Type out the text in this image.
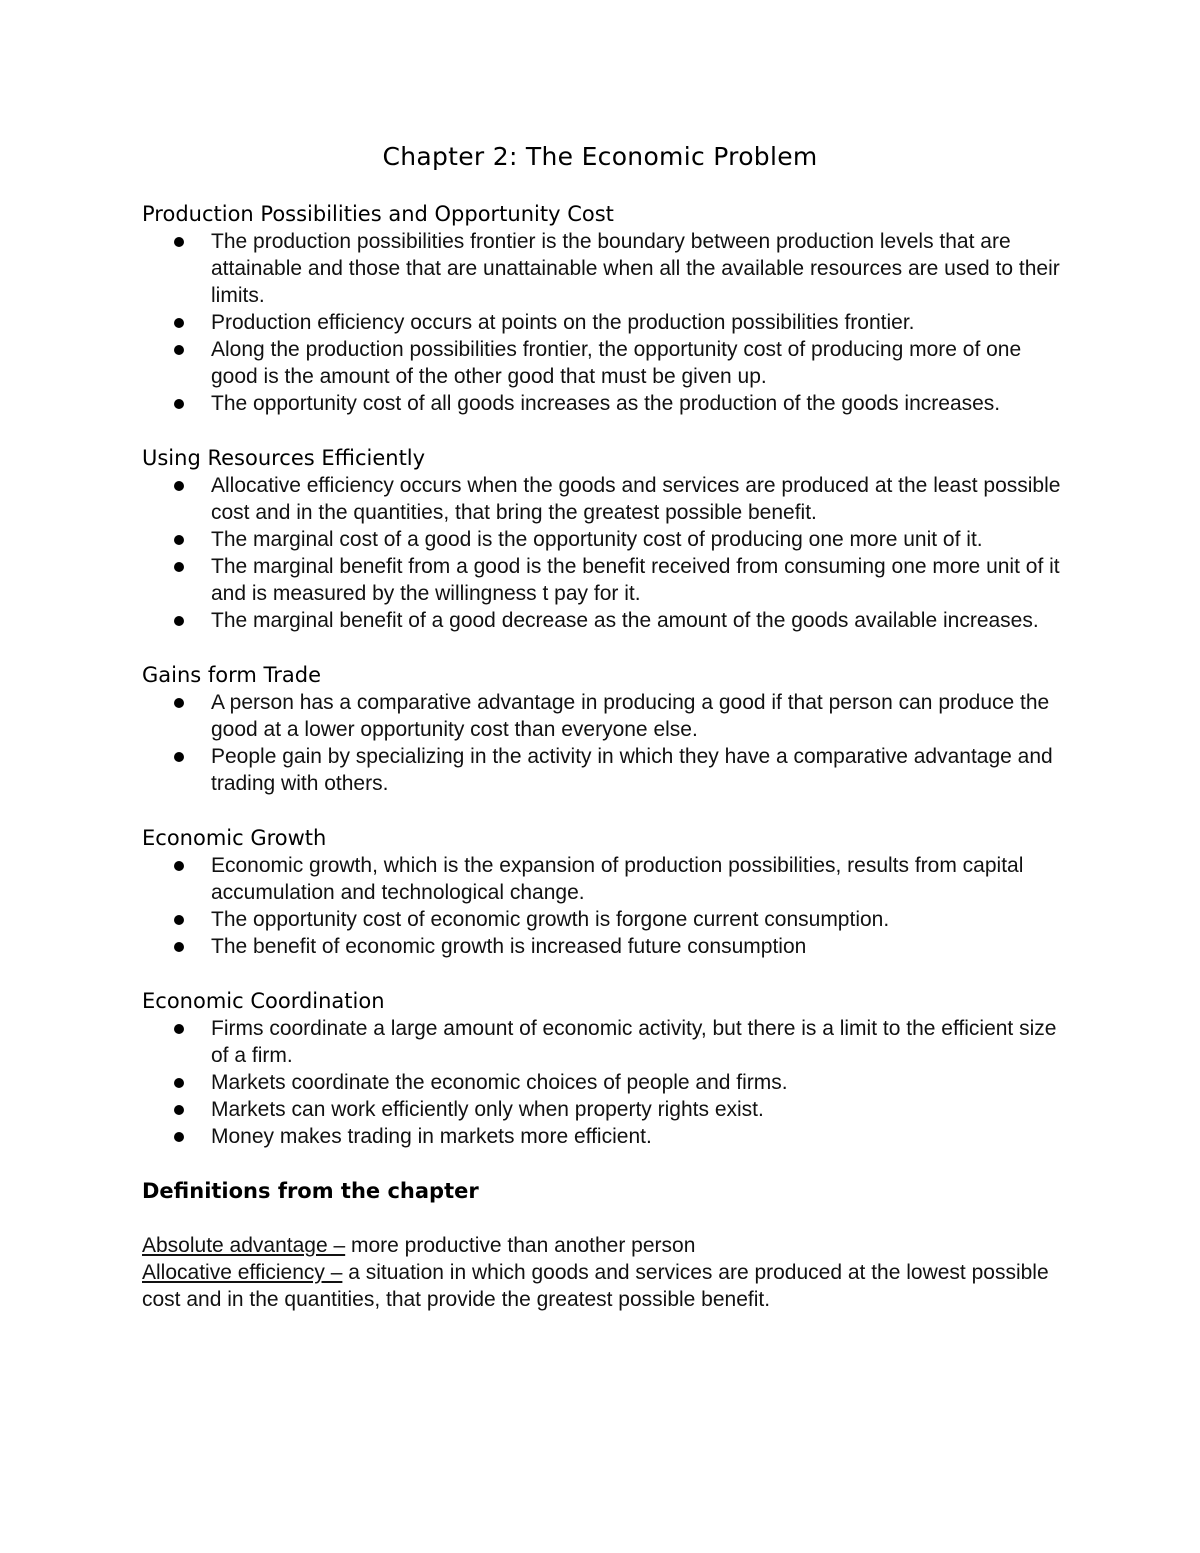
Chapter 2: The Economic Problem
Production Possibilities and Opportunity Cost
The production possibilities frontier is the boundary between production levels that are attainable and those that are unattainable when all the available resources are used to their limits.
Production efficiency occurs at points on the production possibilities frontier.
Along the production possibilities frontier, the opportunity cost of producing more of one good is the amount of the other good that must be given up.
The opportunity cost of all goods increases as the production of the goods increases.
Using Resources Efficiently
Allocative efficiency occurs when the goods and services are produced at the least possible cost and in the quantities, that bring the greatest possible benefit.
The marginal cost of a good is the opportunity cost of producing one more unit of it.
The marginal benefit from a good is the benefit received from consuming one more unit of it and is measured by the willingness t pay for it.
The marginal benefit of a good decrease as the amount of the goods available increases.
Gains form Trade
A person has a comparative advantage in producing a good if that person can produce the good at a lower opportunity cost than everyone else.
People gain by specializing in the activity in which they have a comparative advantage and trading with others.
Economic Growth
Economic growth, which is the expansion of production possibilities, results from capital accumulation and technological change.
The opportunity cost of economic growth is forgone current consumption.
The benefit of economic growth is increased future consumption
Economic Coordination
Firms coordinate a large amount of economic activity, but there is a limit to the efficient size of a firm.
Markets coordinate the economic choices of people and firms.
Markets can work efficiently only when property rights exist.
Money makes trading in markets more efficient.
Definitions from the chapter

Absolute advantage – more productive than another person

Allocative efficiency – a situation in which goods and services are produced at the lowest possible cost and in the quantities, that provide the greatest possible benefit.
